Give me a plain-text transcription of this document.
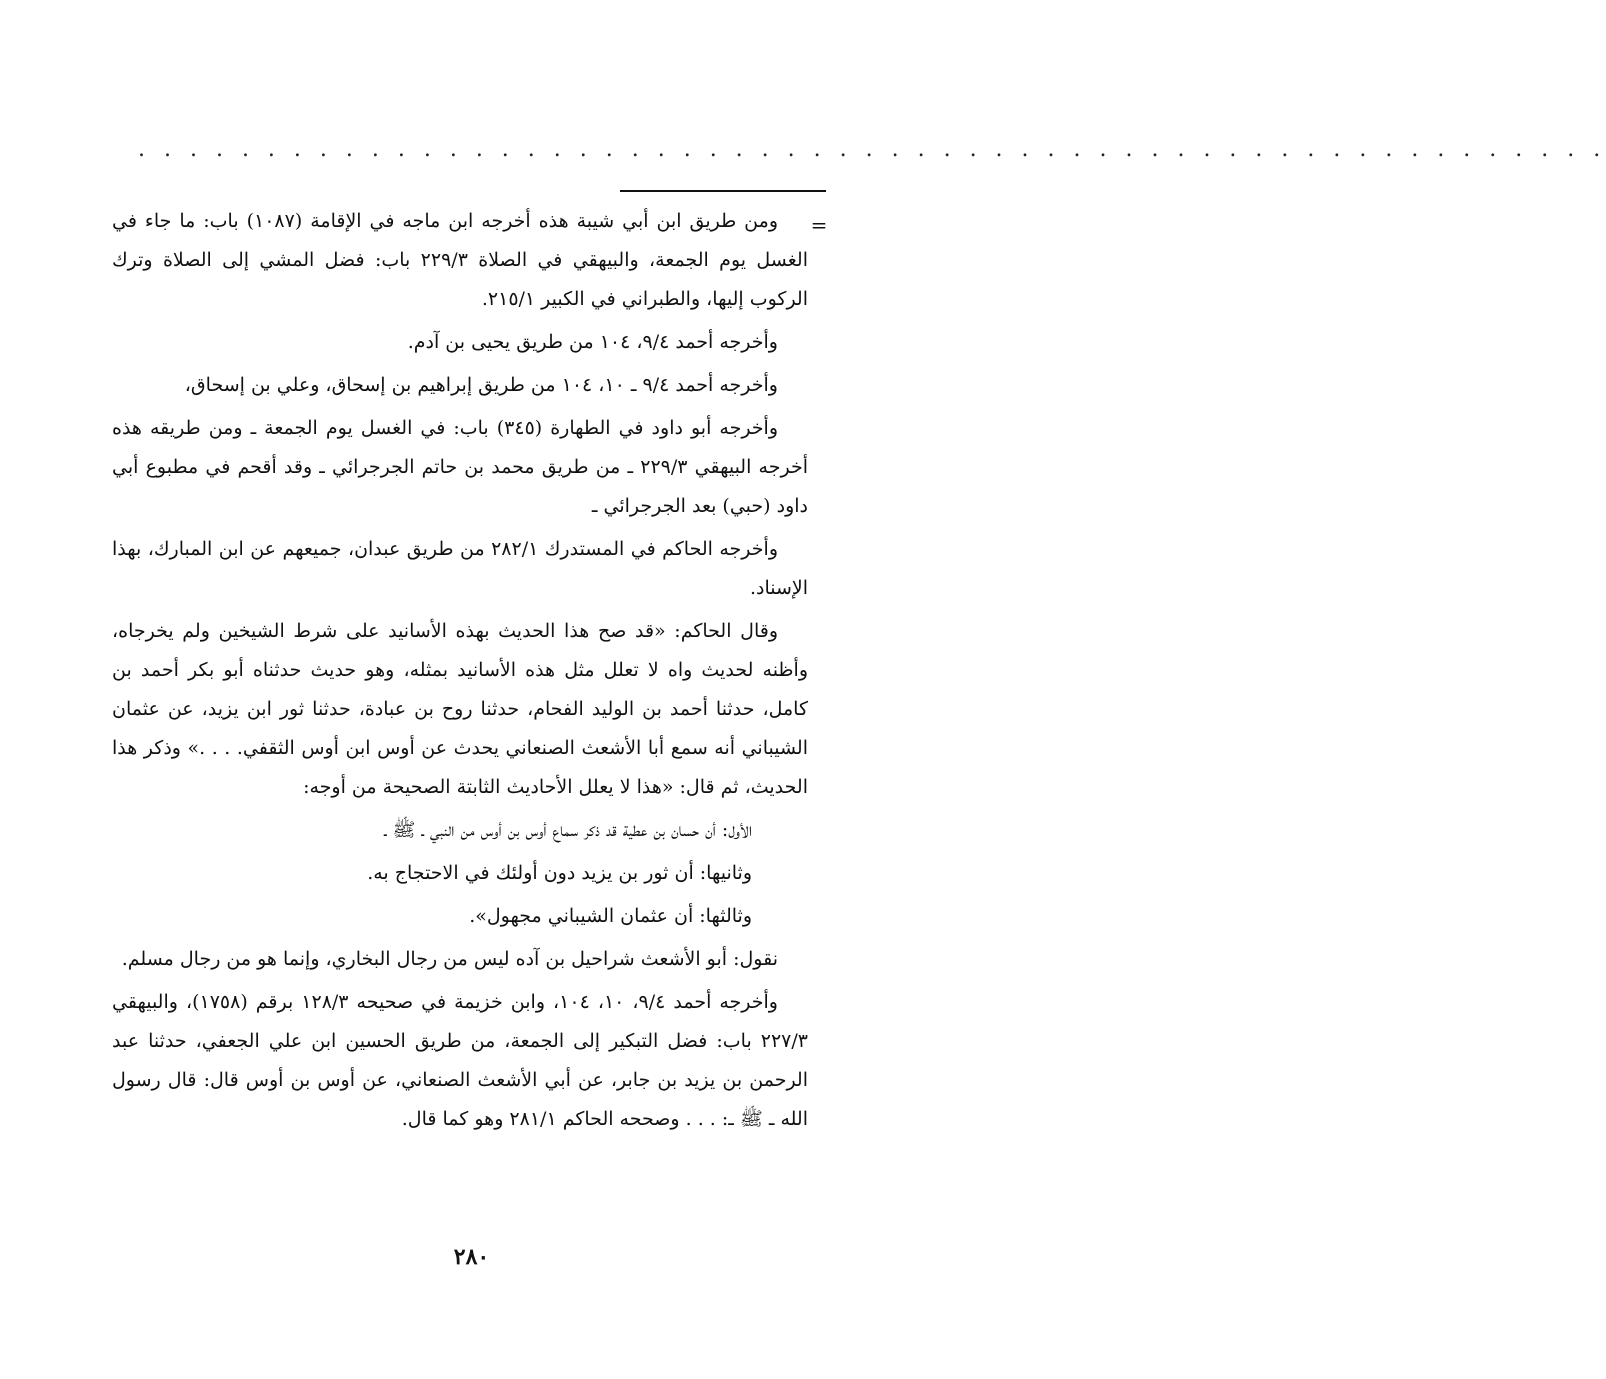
. . . . . . . . . . . . . . . . . . . . . . . . . . . . . . . . . . . . . . . . . . . . . . . . . . . . . . . . .
=

ومن طريق ابن أبي شيبة هذه أخرجه ابن ماجه في الإقامة (١٠٨٧) باب: ما جاء في الغسل يوم الجمعة، والبيهقي في الصلاة ٢٢٩/٣ باب: فضل المشي إلى الصلاة وترك الركوب إليها، والطبراني في الكبير ٢١٥/١.

وأخرجه أحمد ٩/٤، ١٠٤ من طريق يحيى بن آدم.

وأخرجه أحمد ٩/٤ ـ ١٠، ١٠٤ من طريق إبراهيم بن إسحاق، وعلي بن إسحاق،

وأخرجه أبو داود في الطهارة (٣٤٥) باب: في الغسل يوم الجمعة ـ ومن طريقه هذه أخرجه البيهقي ٢٢٩/٣ ـ من طريق محمد بن حاتم الجرجرائي ـ وقد أقحم في مطبوع أبي داود (حبي) بعد الجرجرائي ـ

وأخرجه الحاكم في المستدرك ٢٨٢/١ من طريق عبدان، جميعهم عن ابن المبارك، بهذا الإسناد.

وقال الحاكم: «قد صح هذا الحديث بهذه الأسانيد على شرط الشيخين ولم يخرجاه، وأظنه لحديث واه لا تعلل مثل هذه الأسانيد بمثله، وهو حديث حدثناه أبو بكر أحمد بن كامل، حدثنا أحمد بن الوليد الفحام، حدثنا روح بن عبادة، حدثنا ثور ابن يزيد، عن عثمان الشيباني أنه سمع أبا الأشعث الصنعاني يحدث عن أوس ابن أوس الثقفي. . . .» وذكر هذا الحديث، ثم قال: «هذا لا يعلل الأحاديث الثابتة الصحيحة من أوجه:

الأول: أن حسان بن عطية قد ذكر سماع أوس بن أوس من النبي ـ ﷺ ـ

وثانيها: أن ثور بن يزيد دون أولئك في الاحتجاج به.

وثالثها: أن عثمان الشيباني مجهول».

نقول: أبو الأشعث شراحيل بن آده ليس من رجال البخاري، وإنما هو من رجال مسلم.

وأخرجه أحمد ٩/٤، ١٠، ١٠٤، وابن خزيمة في صحيحه ١٢٨/٣ برقم (١٧٥٨)، والبيهقي ٢٢٧/٣ باب: فضل التبكير إلى الجمعة، من طريق الحسين ابن علي الجعفي، حدثنا عبد الرحمن بن يزيد بن جابر، عن أبي الأشعث الصنعاني، عن أوس بن أوس قال: قال رسول الله ـ ﷺ ـ: . . . وصححه الحاكم ٢٨١/١ وهو كما قال.

٢٨٠
